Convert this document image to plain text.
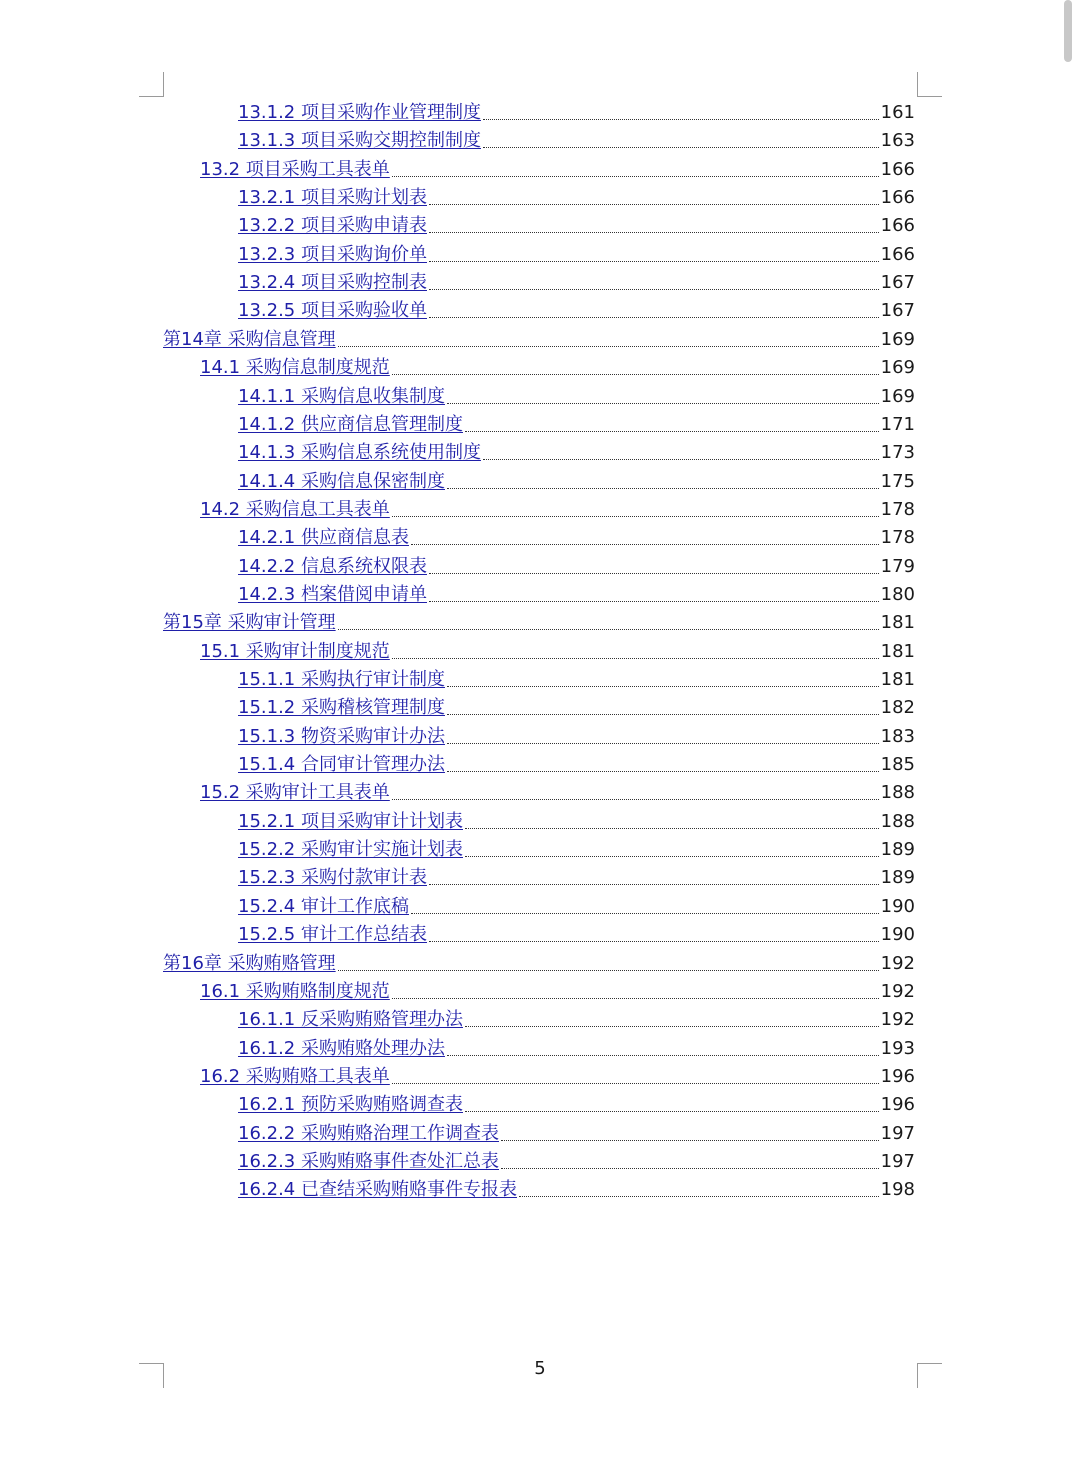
13.1.2 项目采购作业管理制度	161
13.1.3 项目采购交期控制制度	163
13.2 项目采购工具表单	166
13.2.1 项目采购计划表	166
13.2.2 项目采购申请表	166
13.2.3 项目采购询价单	166
13.2.4 项目采购控制表	167
13.2.5 项目采购验收单	167
第14章 采购信息管理	169
14.1 采购信息制度规范	169
14.1.1 采购信息收集制度	169
14.1.2 供应商信息管理制度	171
14.1.3 采购信息系统使用制度	173
14.1.4 采购信息保密制度	175
14.2 采购信息工具表单	178
14.2.1 供应商信息表	178
14.2.2 信息系统权限表	179
14.2.3 档案借阅申请单	180
第15章 采购审计管理	181
15.1 采购审计制度规范	181
15.1.1 采购执行审计制度	181
15.1.2 采购稽核管理制度	182
15.1.3 物资采购审计办法	183
15.1.4 合同审计管理办法	185
15.2 采购审计工具表单	188
15.2.1 项目采购审计计划表	188
15.2.2 采购审计实施计划表	189
15.2.3 采购付款审计表	189
15.2.4 审计工作底稿	190
15.2.5 审计工作总结表	190
第16章 采购贿赂管理	192
16.1 采购贿赂制度规范	192
16.1.1 反采购贿赂管理办法	192
16.1.2 采购贿赂处理办法	193
16.2 采购贿赂工具表单	196
16.2.1 预防采购贿赂调查表	196
16.2.2 采购贿赂治理工作调查表	197
16.2.3 采购贿赂事件查处汇总表	197
16.2.4 已查结采购贿赂事件专报表	198
5
